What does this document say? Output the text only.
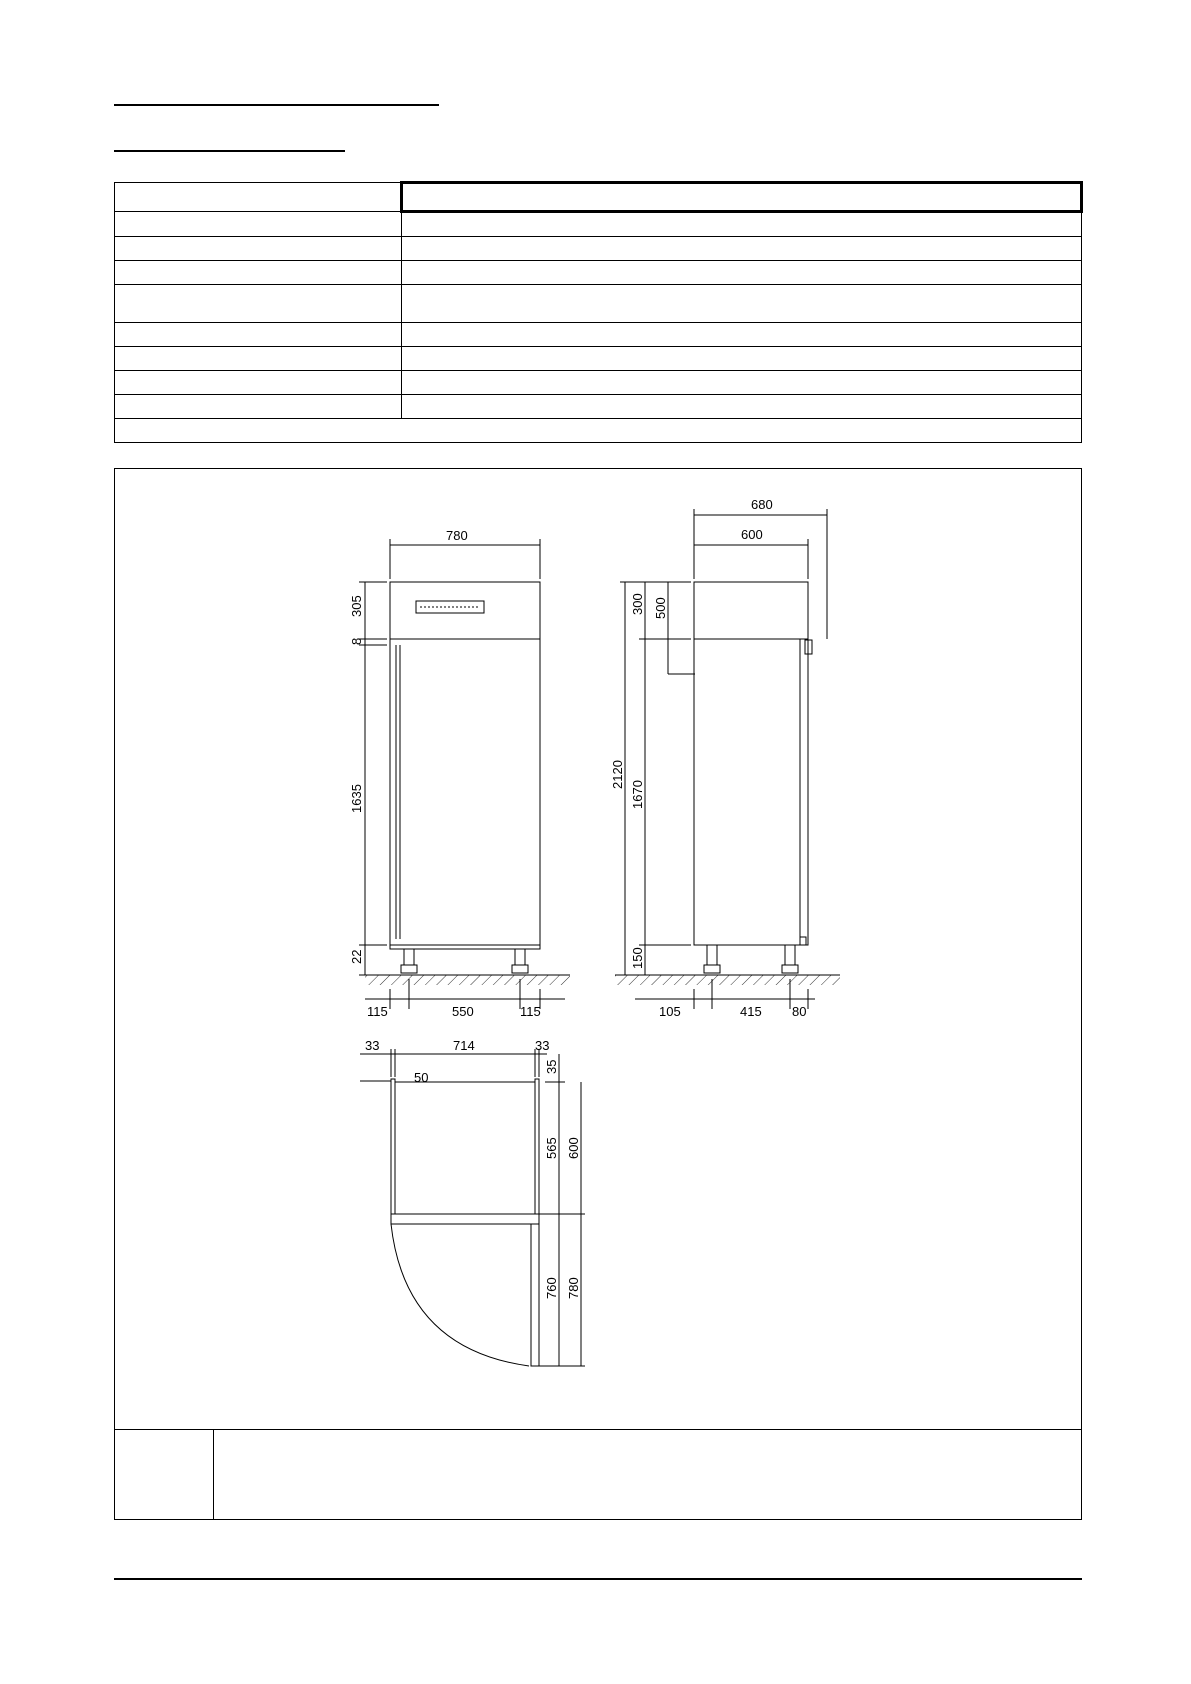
780
305
8
1635
22
115	550	115
680
600
2120
300 500
1670
150
105	415 80
33	714	33
50
35
565 600
760 780
